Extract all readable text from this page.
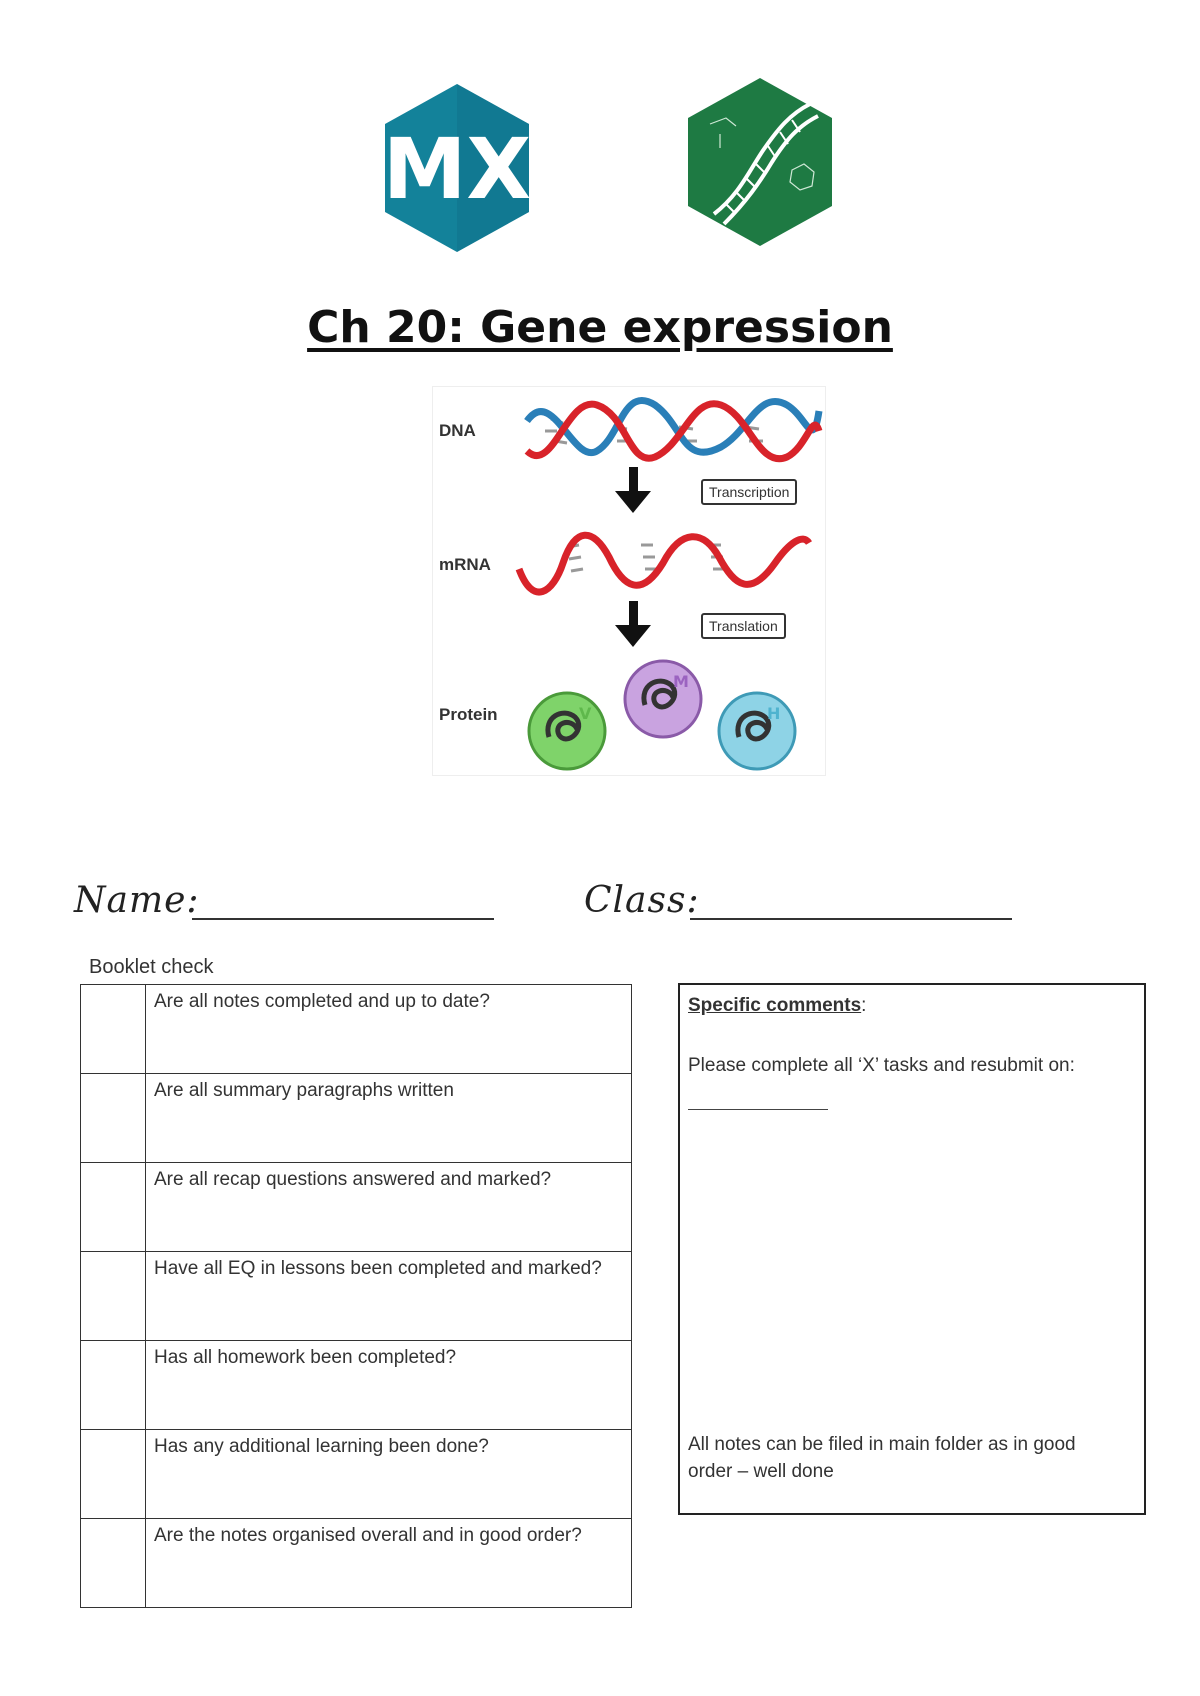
MX
Ch 20: Gene expression
DNA
mRNA
Protein
Transcription
Translation
V
M
H
Name:	Class:
Booklet check
	Are all notes completed and up to date?
	Are all summary paragraphs written
	Are all recap questions answered and marked?
	Have all EQ in lessons been completed and marked?
	Has all homework been completed?
	Has any additional learning been done?
	Are the notes organised overall and in good order?
Specific comments:
Please complete all ‘X’ tasks and resubmit on:
All notes can be filed in main folder as in good order – well done
